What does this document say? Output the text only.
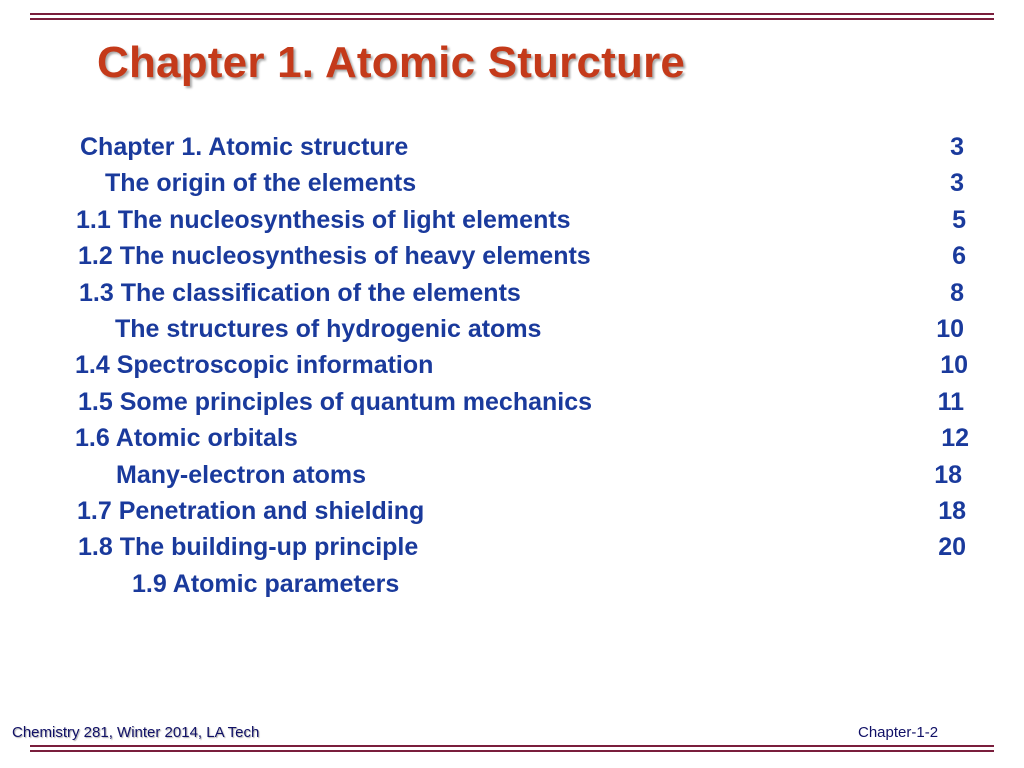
Chapter 1. Atomic Sturcture
Chapter 1. Atomic structure	3
The origin of the elements	3
1.1 The nucleosynthesis of light elements	5
1.2 The nucleosynthesis of heavy elements	6
1.3 The classification of the elements	8
The structures of hydrogenic atoms	10
1.4 Spectroscopic information	10
1.5 Some principles of quantum mechanics	11
1.6 Atomic orbitals	12
Many-electron atoms	18
1.7 Penetration and shielding	18
1.8 The building-up principle	20
1.9 Atomic parameters
Chemistry 281, Winter 2014, LA Tech	Chapter-1-2
